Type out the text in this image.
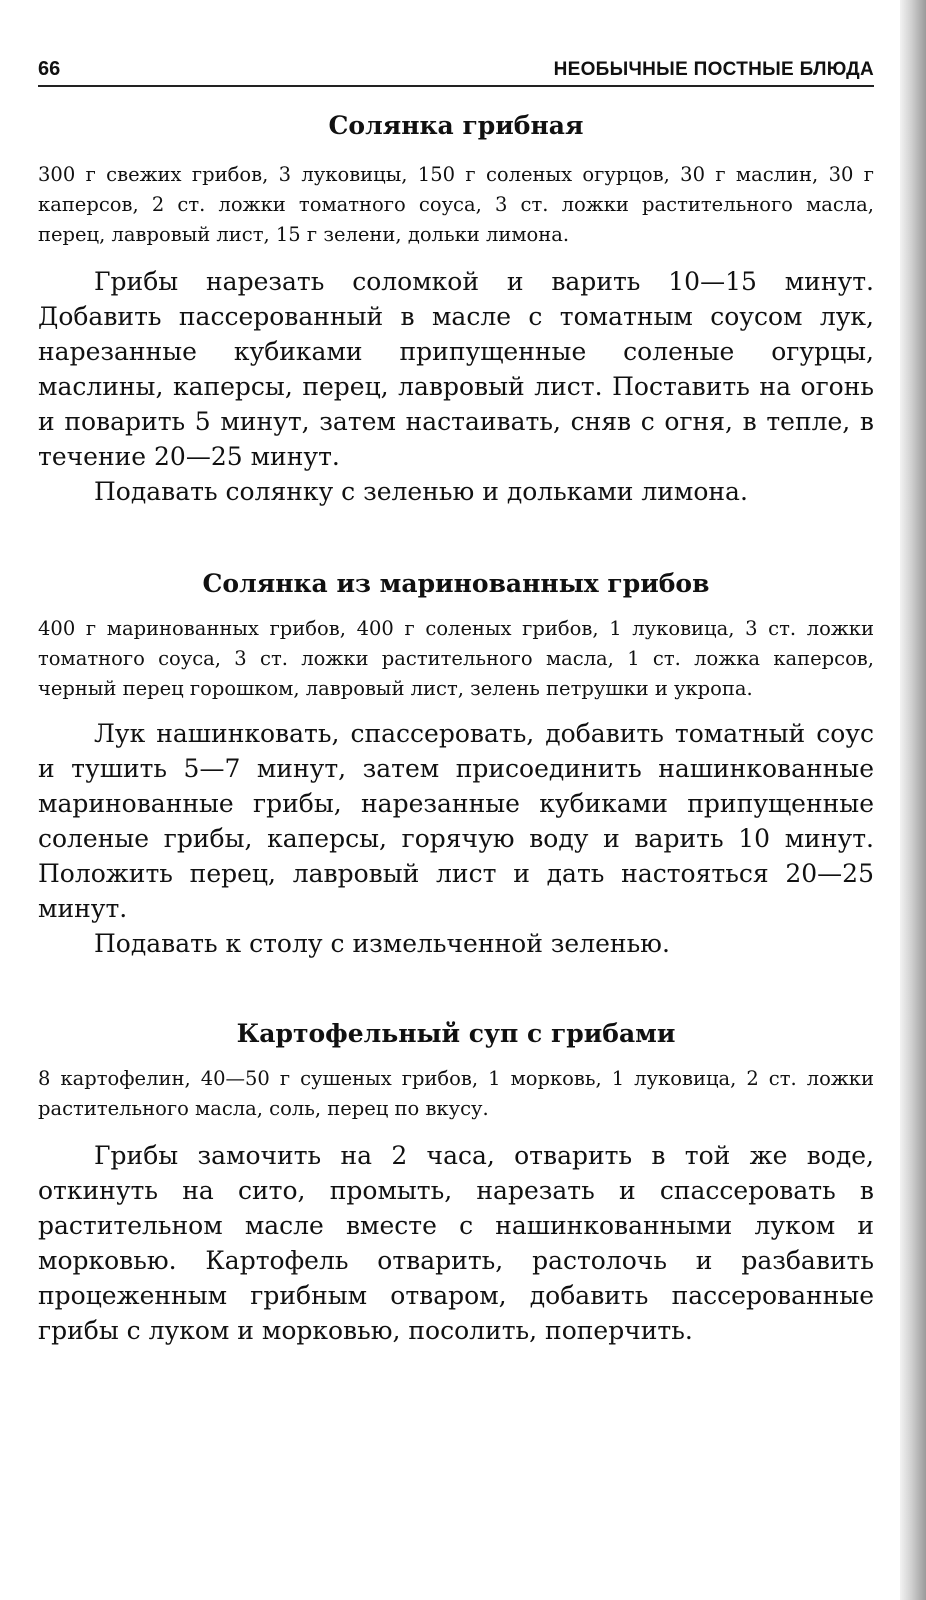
66	НЕОБЫЧНЫЕ ПОСТНЫЕ БЛЮДА
Солянка грибная

300 г свежих грибов, 3 луковицы, 150 г соленых огурцов, 30 г маслин, 30 г каперсов, 2 ст. ложки томатного соуса, 3 ст. ложки растительного масла, перец, лавровый лист, 15 г зелени, дольки лимона.

Грибы нарезать соломкой и варить 10—15 минут. Добавить пассерованный в масле с томатным соусом лук, нарезанные кубиками припущенные соленые огурцы, маслины, каперсы, перец, лавровый лист. Поставить на огонь и поварить 5 минут, затем настаивать, сняв с огня, в тепле, в течение 20—25 минут.

Подавать солянку с зеленью и дольками лимона.

Солянка из маринованных грибов

400 г маринованных грибов, 400 г соленых грибов, 1 луковица, 3 ст. ложки томатного соуса, 3 ст. ложки растительного масла, 1 ст. ложка каперсов, черный перец горошком, лавровый лист, зелень петрушки и укропа.

Лук нашинковать, спассеровать, добавить томатный соус и тушить 5—7 минут, затем присоединить нашинкованные маринованные грибы, нарезанные кубиками припущенные соленые грибы, каперсы, горячую воду и варить 10 минут. Положить перец, лавровый лист и дать настояться 20—25 минут.

Подавать к столу с измельченной зеленью.

Картофельный суп с грибами

8 картофелин, 40—50 г сушеных грибов, 1 морковь, 1 луковица, 2 ст. ложки растительного масла, соль, перец по вкусу.

Грибы замочить на 2 часа, отварить в той же воде, откинуть на сито, промыть, нарезать и спассеровать в растительном масле вместе с нашинкованными луком и морковью. Картофель отварить, растолочь и разбавить процеженным грибным отваром, добавить пассерованные грибы с луком и морковью, посолить, поперчить.
